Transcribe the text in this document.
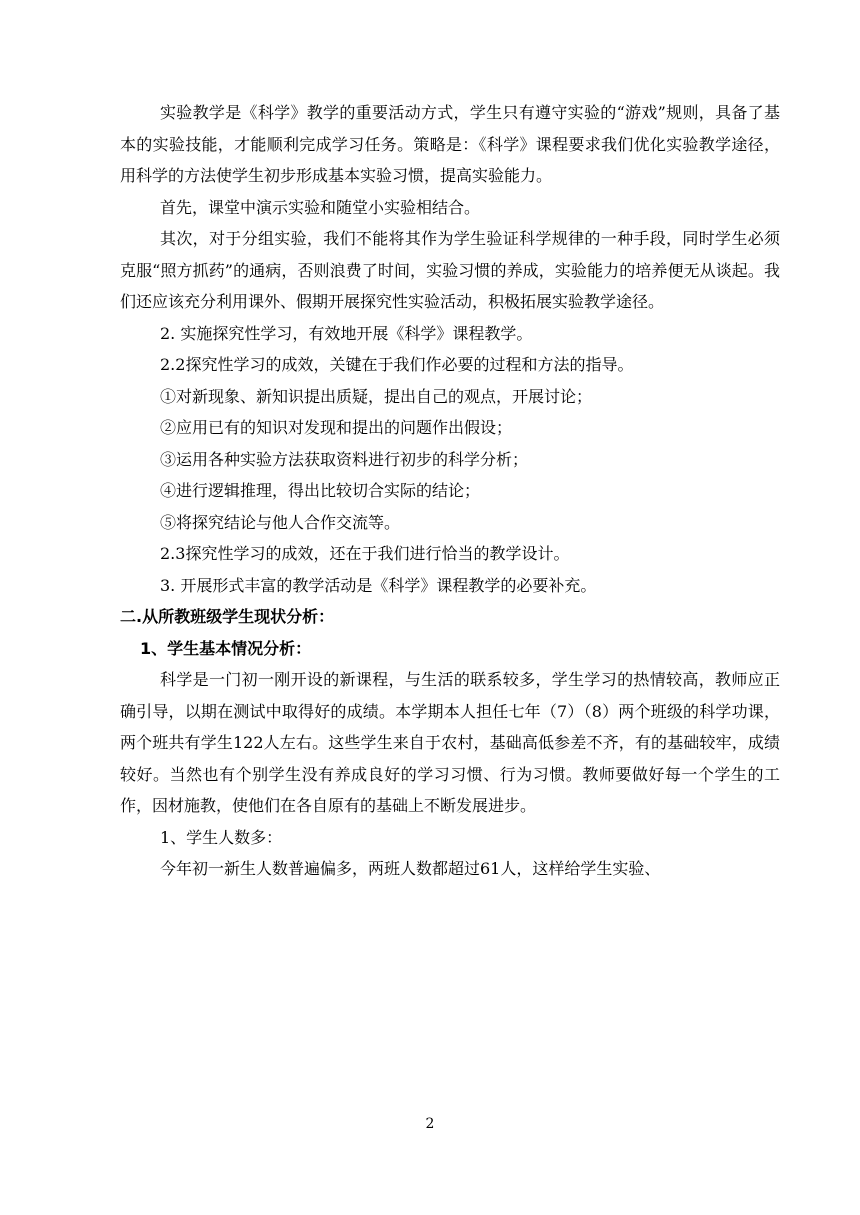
实验教学是《科学》教学的重要活动方式，学生只有遵守实验的“游戏”规则，具备了基本的实验技能，才能顺利完成学习任务。策略是：《科学》课程要求我们优化实验教学途径，用科学的方法使学生初步形成基本实验习惯，提高实验能力。

首先，课堂中演示实验和随堂小实验相结合。

其次，对于分组实验，我们不能将其作为学生验证科学规律的一种手段，同时学生必须克服“照方抓药”的通病，否则浪费了时间，实验习惯的养成，实验能力的培养便无从谈起。我们还应该充分利用课外、假期开展探究性实验活动，积极拓展实验教学途径。

2. 实施探究性学习，有效地开展《科学》课程教学。

2.2探究性学习的成效，关键在于我们作必要的过程和方法的指导。

①对新现象、新知识提出质疑，提出自己的观点，开展讨论；

②应用已有的知识对发现和提出的问题作出假设；

③运用各种实验方法获取资料进行初步的科学分析；

④进行逻辑推理，得出比较切合实际的结论；

⑤将探究结论与他人合作交流等。

2.3探究性学习的成效，还在于我们进行恰当的教学设计。

3. 开展形式丰富的教学活动是《科学》课程教学的必要补充。

二.从所教班级学生现状分析：

1、学生基本情况分析：

科学是一门初一刚开设的新课程，与生活的联系较多，学生学习的热情较高，教师应正确引导，以期在测试中取得好的成绩。本学期本人担任七年（7）（8）两个班级的科学功课，两个班共有学生122人左右。这些学生来自于农村，基础高低参差不齐，有的基础较牢，成绩较好。当然也有个别学生没有养成良好的学习习惯、行为习惯。教师要做好每一个学生的工作，因材施教，使他们在各自原有的基础上不断发展进步。

1、学生人数多：

今年初一新生人数普遍偏多，两班人数都超过61人，这样给学生实验、

2
